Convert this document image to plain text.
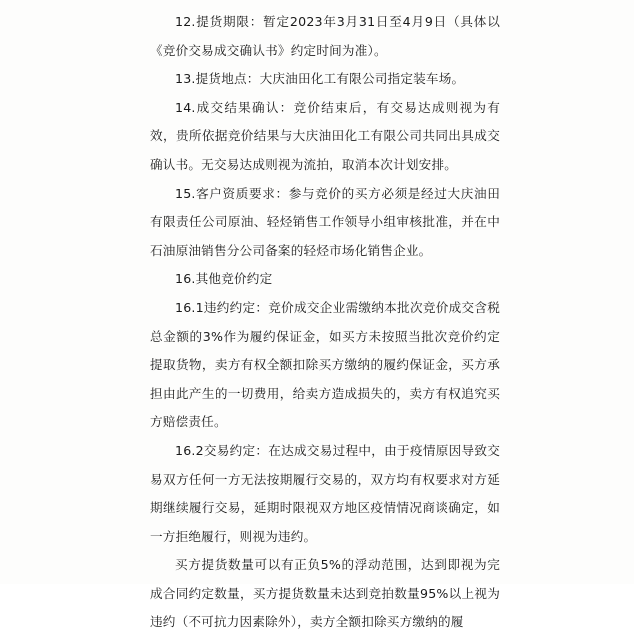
12.提货期限：暂定2023年3月31日至4月9日（具体以《竞价交易成交确认书》约定时间为准）。

13.提货地点：大庆油田化工有限公司指定装车场。

14.成交结果确认：竞价结束后，有交易达成则视为有效，贵所依据竞价结果与大庆油田化工有限公司共同出具成交确认书。无交易达成则视为流拍，取消本次计划安排。

15.客户资质要求：参与竞价的买方必须是经过大庆油田有限责任公司原油、轻烃销售工作领导小组审核批准，并在中石油原油销售分公司备案的轻烃市场化销售企业。

16.其他竞价约定

16.1违约约定：竞价成交企业需缴纳本批次竞价成交含税总金额的3%作为履约保证金，如买方未按照当批次竞价约定提取货物，卖方有权全额扣除买方缴纳的履约保证金，买方承担由此产生的一切费用，给卖方造成损失的，卖方有权追究买方赔偿责任。

16.2交易约定：在达成交易过程中，由于疫情原因导致交易双方任何一方无法按期履行交易的，双方均有权要求对方延期继续履行交易，延期时限视双方地区疫情情况商谈确定，如一方拒绝履行，则视为违约。

买方提货数量可以有正负5%的浮动范围，达到即视为完成合同约定数量，买方提货数量未达到竞拍数量95%以上视为违约（不可抗力因素除外），卖方全额扣除买方缴纳的履
